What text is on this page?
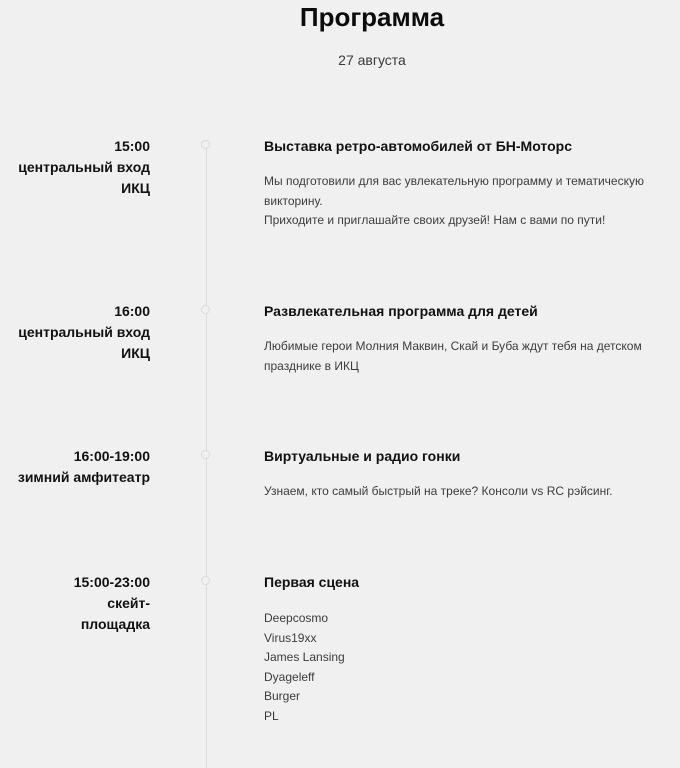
Программа
27 августа
15:00
центральный вход ИКЦ
Выставка ретро-автомобилей от БН-Моторс

Мы подготовили для вас увлекательную программу и тематическую викторину.

Приходите и приглашайте своих друзей! Нам с вами по пути!

16:00
центральный вход ИКЦ
Развлекательная программа для детей

Любимые герои Молния Маквин, Скай и Буба ждут тебя на детском празднике в ИКЦ

16:00-19:00
зимний амфитеатр
Виртуальные и радио гонки

Узнаем, кто самый быстрый на треке? Консоли vs RC рэйсинг.

15:00-23:00
скейт-площадка
Первая сцена
Deepcosmo
Virus19xx
James Lansing
Dyageleff
Burger
PL
